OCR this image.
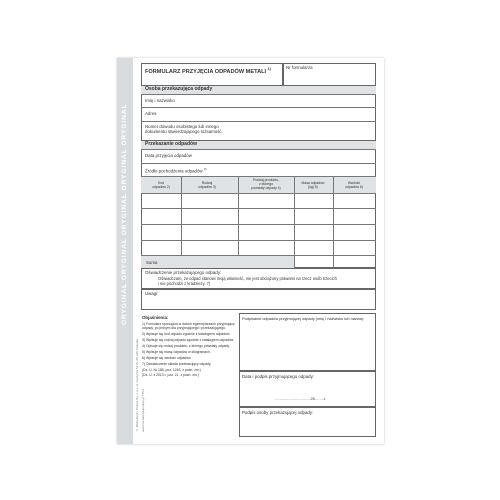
ORYGINAŁ ORYGINAŁ ORYGINAŁ ORYGINAŁ ORYGINAŁ
© Michalczyk i Prokop Sp. z o.o. ul. Łęczycka 52 PL 05-220 Zielonka www.michalczykiprokop.pl 775-5
FORMULARZ PRZYJĘCIA ODPADÓW METALI $^{1)}$	Nr formularza
Osoba przekazująca odpady
Imię i nazwisko
Adres
Numer dowodu osobistego lub innego
dokumentu stwierdzającego tożsamość
Przekazanie odpadów
Data przyjęcia odpadów
Źródło pochodzenia odpadów $^{3)}$
Kod
odpadów 2)
Rodzaj
odpadów 3)
Rodzaj produktu,
z którego
powstały odpady 4)
Masa odpadów
[kg] 5)
Wartość
odpadów 6)
Suma
Oświadczenie przekazującego odpady:
Oświadczam, że odpad stanowi moją własność, nie jest obciążony prawami na rzecz osób trzecich
i nie pochodzi z kradzieży. 7)
Uwagi:
Objaśnienia:
1) Formularz sporządza w dwóch egzemplarzach przyjmujący odpady, po jednym dla przyjmującego i przekazującego.
2) Wpisuje się kod odpadu zgodnie z katalogiem odpadów.
3) Wpisuje się rodzaj odpadu zgodnie z katalogiem odpadów.
4) Opisuje się rodzaj produktu, z którego powstały odpady.
5) Wpisuje się masę odpadów w kilogramach.
6) Wpisuje się wartość odpadów.
7) Oświadczenie składa przekazujący odpady.
(Dz. U. Nr 185, poz. 1243, z późn. zm.)
(Dz. U. z 2013 r. poz. 21, z późn. zm.)
Podpisanie odpadów przyjmującej odpady (imię i nazwisko lub nazwa):
Data i podpis przyjmującego odpady:
................................20........r.
Podpis osoby przekazującej odpady:
